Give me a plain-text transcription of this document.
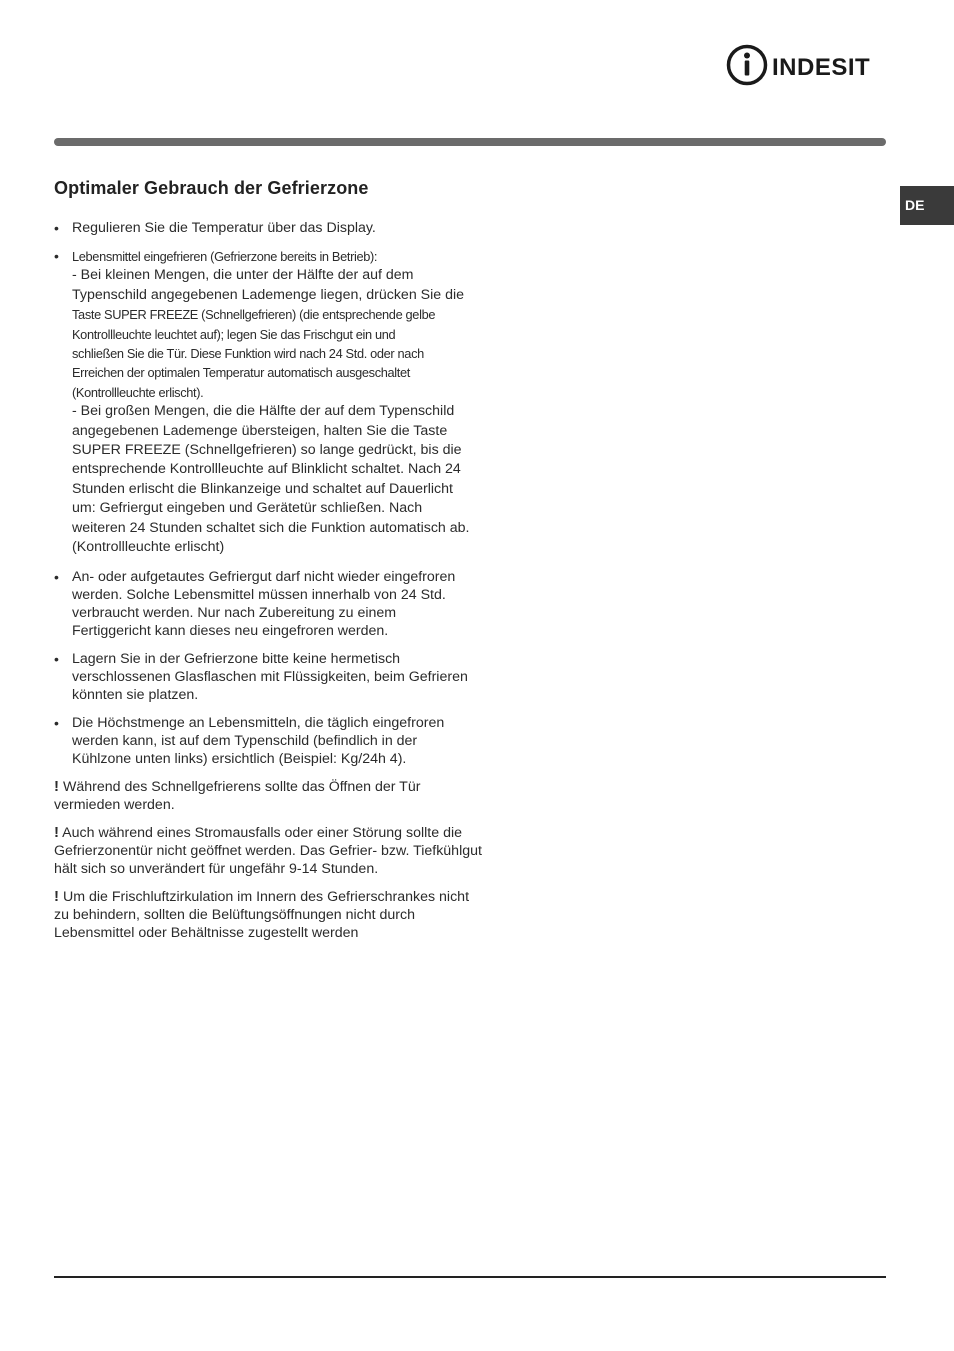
INDESIT
DE
Optimaler Gebrauch der Gefrierzone
• Regulieren Sie die Temperatur über das Display.
• Lebensmittel eingefrieren (Gefrierzone bereits in Betrieb):
- Bei kleinen Mengen, die unter der Hälfte der auf dem
Typenschild angegebenen Lademenge liegen, drücken Sie die
Taste SUPER FREEZE (Schnellgefrieren) (die entsprechende gelbe
Kontrollleuchte leuchtet auf); legen Sie das Frischgut ein und
schließen Sie die Tür. Diese Funktion wird nach 24 Std. oder nach
Erreichen der optimalen Temperatur automatisch ausgeschaltet
(Kontrollleuchte erlischt).
- Bei großen Mengen, die die Hälfte der auf dem Typenschild
angegebenen Lademenge übersteigen, halten Sie die Taste
SUPER FREEZE (Schnellgefrieren) so lange gedrückt, bis die
entsprechende Kontrollleuchte auf Blinklicht schaltet. Nach 24
Stunden erlischt die Blinkanzeige und schaltet auf Dauerlicht
um: Gefriergut eingeben und Gerätetür schließen. Nach
weiteren 24 Stunden schaltet sich die Funktion automatisch ab.
(Kontrollleuchte erlischt)
• An- oder aufgetautes Gefriergut darf nicht wieder eingefroren
werden. Solche Lebensmittel müssen innerhalb von 24 Std.
verbraucht werden. Nur nach Zubereitung zu einem
Fertiggericht kann dieses neu eingefroren werden.
• Lagern Sie in der Gefrierzone bitte keine hermetisch
verschlossenen Glasflaschen mit Flüssigkeiten, beim Gefrieren
könnten sie platzen.
• Die Höchstmenge an Lebensmitteln, die täglich eingefroren
werden kann, ist auf dem Typenschild (befindlich in der
Kühlzone unten links) ersichtlich (Beispiel: Kg/24h 4).

! Während des Schnellgefrierens sollte das Öffnen der Tür vermieden werden.

! Auch während eines Stromausfalls oder einer Störung sollte die Gefrierzonentür nicht geöffnet werden. Das Gefrier- bzw. Tiefkühlgut hält sich so unverändert für ungefähr 9-14 Stunden.

! Um die Frischluftzirkulation im Innern des Gefrierschrankes nicht zu behindern, sollten die Belüftungsöffnungen nicht durch Lebensmittel oder Behältnisse zugestellt werden
